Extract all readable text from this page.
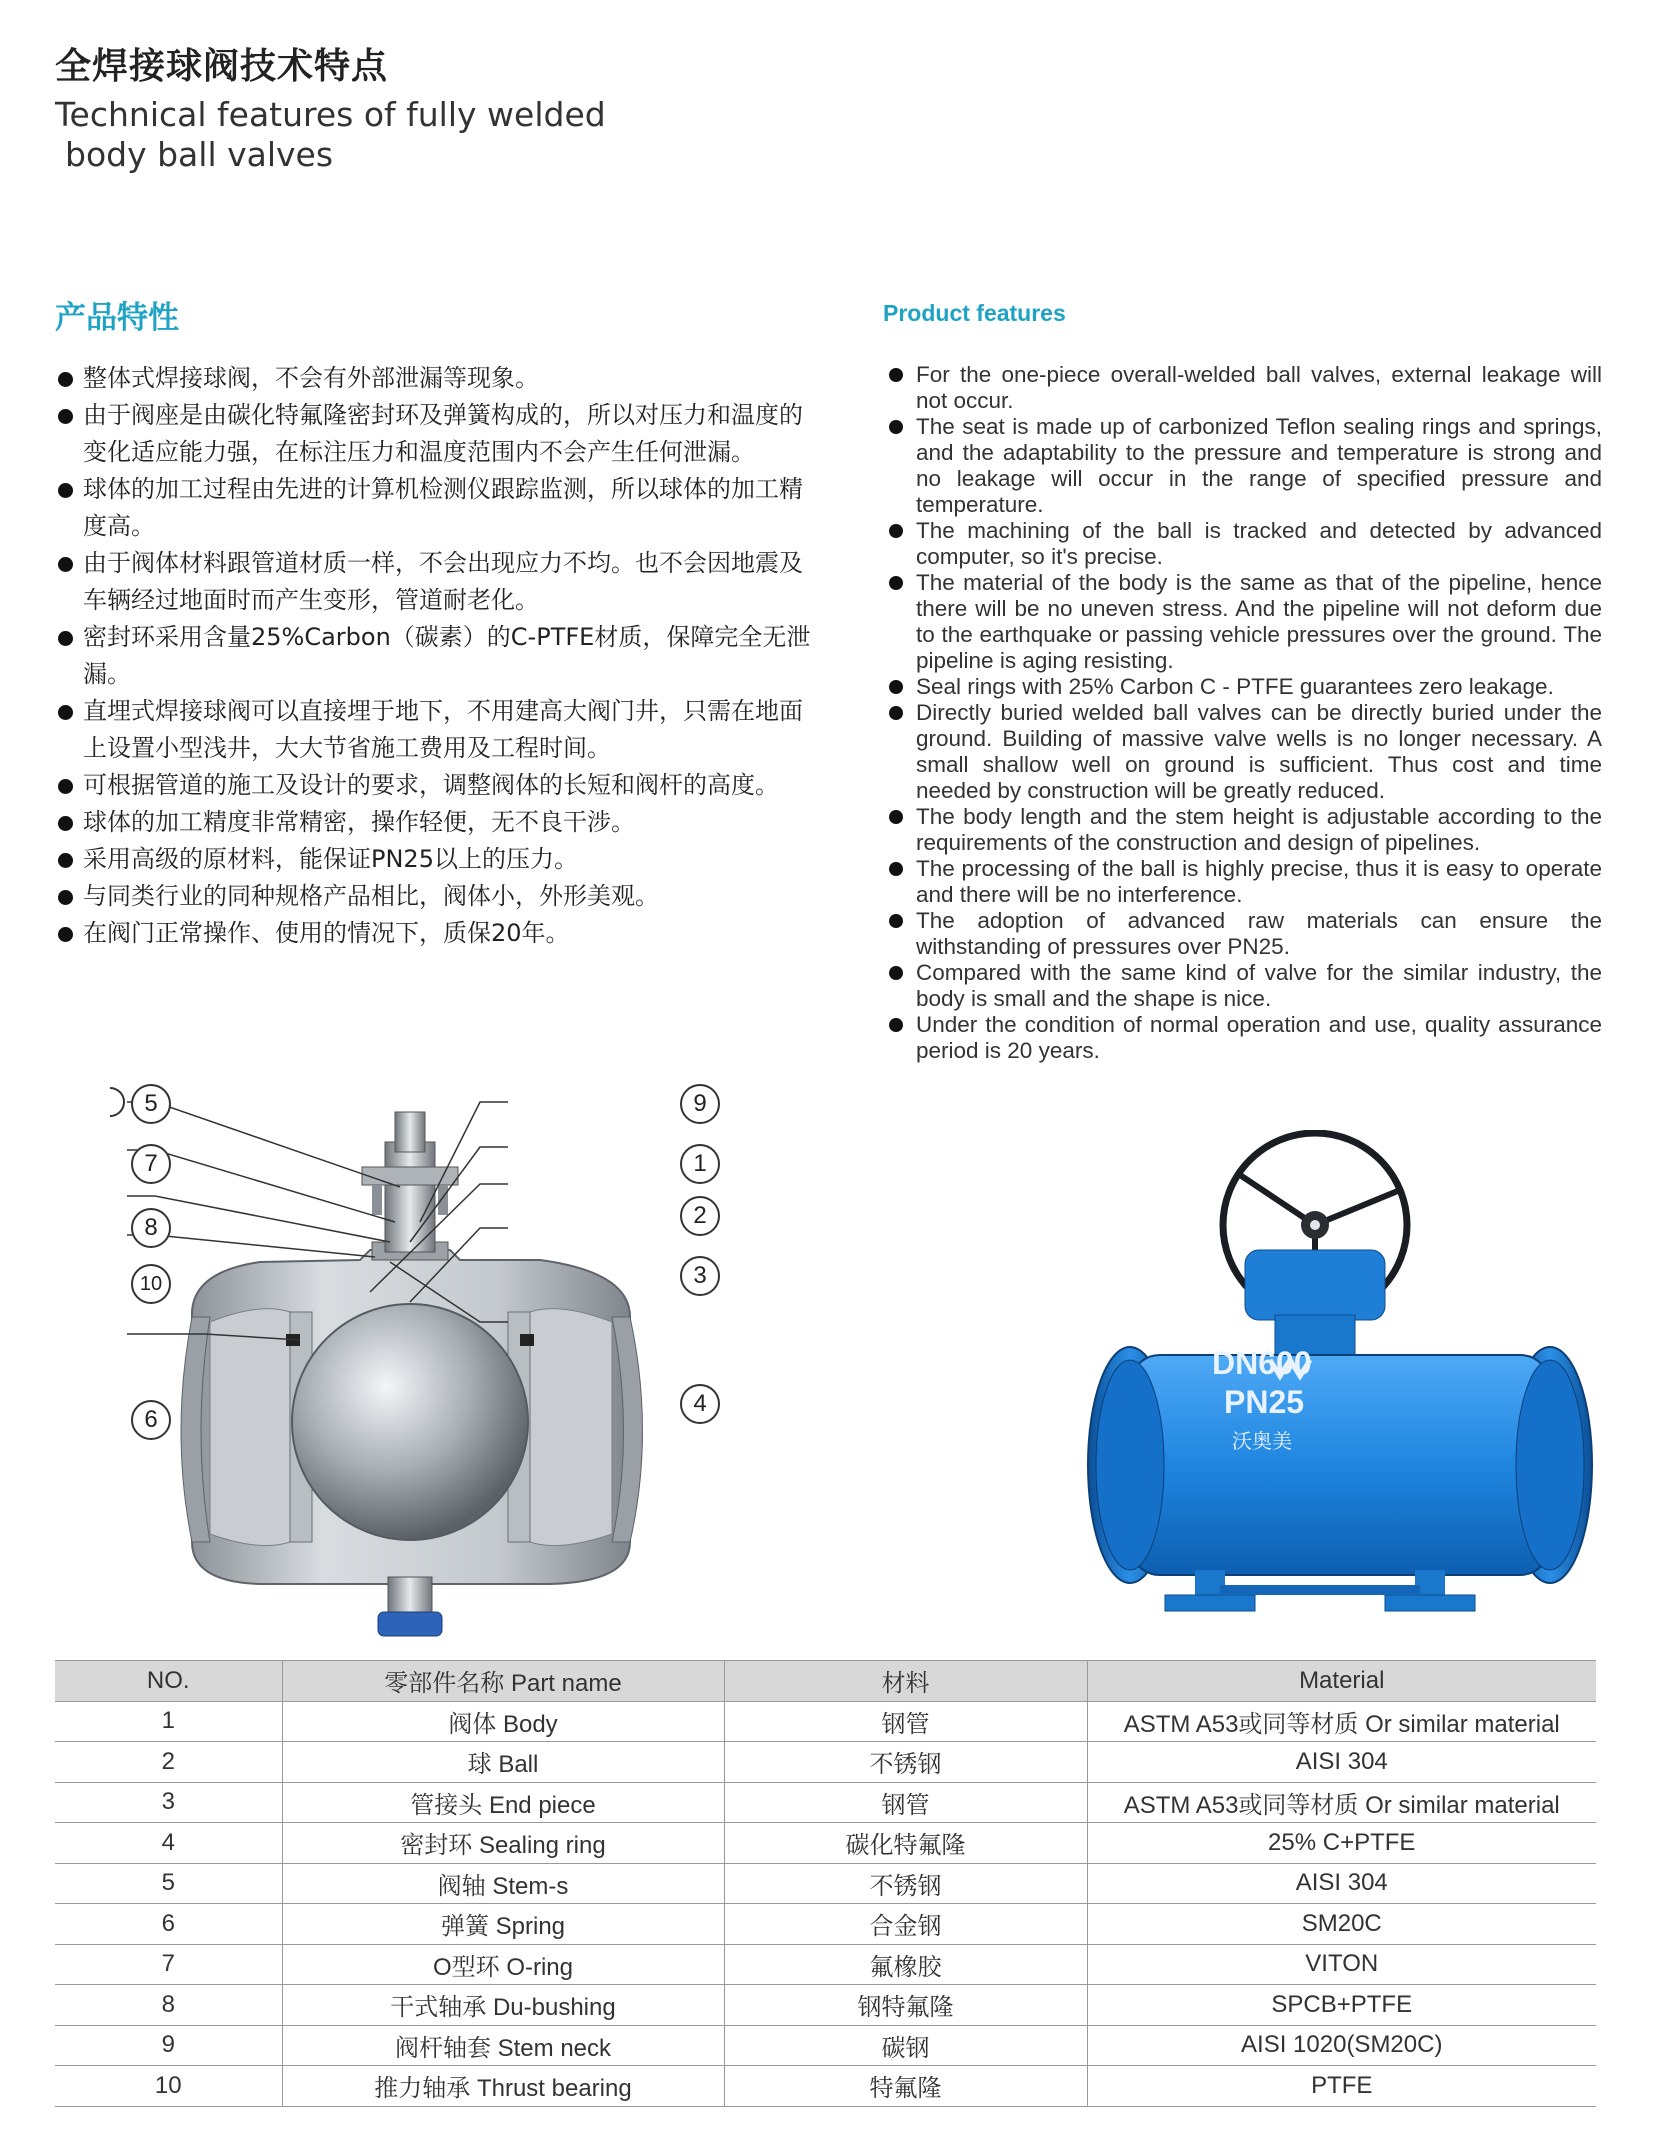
全焊接球阀技术特点
Technical features of fully welded
body ball valves
产品特性	Product features
整体式焊接球阀，不会有外部泄漏等现象。
由于阀座是由碳化特氟隆密封环及弹簧构成的，所以对压力和温度的变化适应能力强，在标注压力和温度范围内不会产生任何泄漏。
球体的加工过程由先进的计算机检测仪跟踪监测，所以球体的加工精度高。
由于阀体材料跟管道材质一样，不会出现应力不均。也不会因地震及车辆经过地面时而产生变形，管道耐老化。
密封环采用含量25%Carbon（碳素）的C-PTFE材质，保障完全无泄漏。
直埋式焊接球阀可以直接埋于地下，不用建高大阀门井，只需在地面上设置小型浅井，大大节省施工费用及工程时间。
可根据管道的施工及设计的要求，调整阀体的长短和阀杆的高度。
球体的加工精度非常精密，操作轻便，无不良干涉。
采用高级的原材料，能保证PN25以上的压力。
与同类行业的同种规格产品相比，阀体小，外形美观。
在阀门正常操作、使用的情况下，质保20年。
For the one-piece overall-welded ball valves, external leakage will not occur.
The seat is made up of carbonized Teflon sealing rings and springs, and the adaptability to the pressure and temperature is strong and no leakage will occur in the range of specified pressure and temperature.
The machining of the ball is tracked and detected by advanced computer, so it's precise.
The material of the body is the same as that of the pipeline, hence there will be no uneven stress. And the pipeline will not deform due to the earthquake or passing vehicle pressures over the ground. The pipeline is aging resisting.
Seal rings with 25% Carbon C - PTFE guarantees zero leakage.
Directly buried welded ball valves can be directly buried under the ground. Building of massive valve wells is no longer necessary. A small shallow well on ground is sufficient. Thus cost and time needed by construction will be greatly reduced.
The body length and the stem height is adjustable according to the requirements of the construction and design of pipelines.
The processing of the ball is highly precise, thus it is easy to operate and there will be no interference.
The adoption of advanced raw materials can ensure the withstanding of pressures over PN25.
Compared with the same kind of valve for the similar industry, the body is small and the shape is nice.
Under the condition of normal operation and use, quality assurance period is 20 years.
5
7
8
10
6
9
1
2
3
4
DN600
PN25
沃奥美
NO.	零部件名称 Part name	材料	Material
1	阀体 Body	钢管	ASTM A53或同等材质 Or similar material
2	球 Ball	不锈钢	AISI 304
3	管接头 End piece	钢管	ASTM A53或同等材质 Or similar material
4	密封环 Sealing ring	碳化特氟隆	25% C+PTFE
5	阀轴 Stem-s	不锈钢	AISI 304
6	弹簧 Spring	合金钢	SM20C
7	O型环 O-ring	氟橡胶	VITON
8	干式轴承 Du-bushing	钢特氟隆	SPCB+PTFE
9	阀杆轴套 Stem neck	碳钢	AISI 1020(SM20C)
10	推力轴承 Thrust bearing	特氟隆	PTFE
